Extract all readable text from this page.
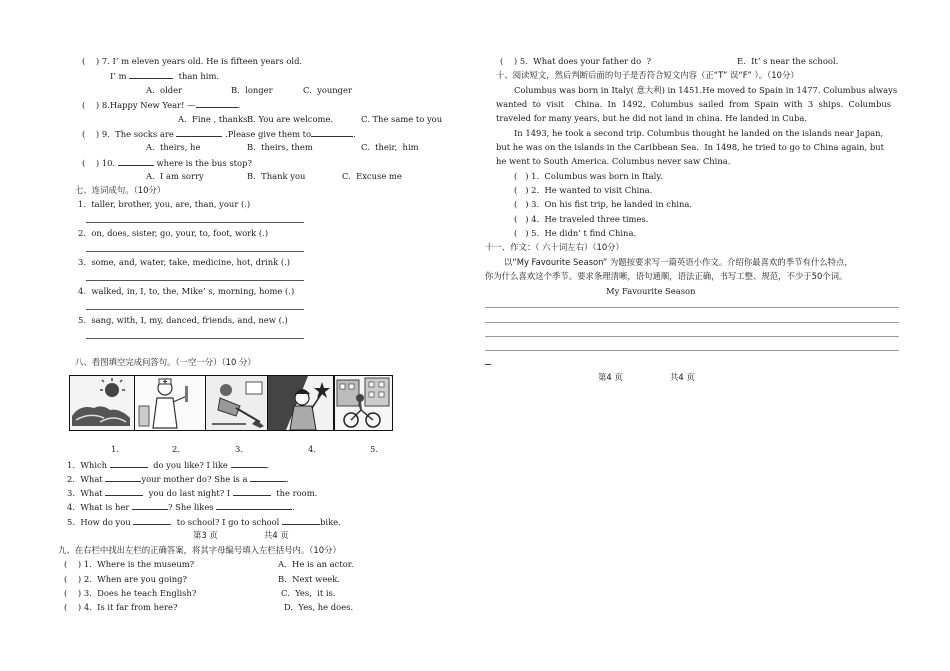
(    ) 7. I’ m eleven years old. He is fifteen years old.
I’ m	than him.
A.  older	B.  longer	C.  younger
(    ) 8.Happy New Year! —	.
A.  Fine , thanks.
B. You are welcome.	C. The same to you
(    ) 9.  The socks are	.Please give them to	.
A.  theirs, he	B.  theirs, them	C.  their,  him
(    ) 10.	where is the bus stop?
A.  I am sorry	B.  Thank you	C.  Excuse me
七、连词成句。（10分）
1.  taller, brother, you, are, than, your (.)
2.  on, does, sister, go, your, to, foot, work (.)
3.  some, and, water, take, medicine, hot, drink (.)
4.  walked, in, I, to, the, Mike’ s, morning, home (.)
5.  sang, with, I, my, danced, friends, and, new (.)
八、看图填空完成问答句。（一空一分）（10 分）
1.	2.	3.	4.	5.
1.  Which	do you like? I like	.
2.  What	your mother do? She is a	.
3.  What	you do last night? I	the room.
4.  What is her	? She likes	.
5.  How do you	to school? I go to school	bike.
第3 页	共4 页
九、在右栏中找出左栏的正确答案，将其字母编号填入左栏括号内。（10分）
(    ) 1.  Where is the museum?	A.  He is an actor.
(    ) 2.  When are you going?	B.  Next week.
(    ) 3.  Does he teach English?	C.  Yes,  it is.
(    ) 4.  Is it far from here?	D.  Yes, he does.
(    ) 5.  What does your father do  ?	E.  It’ s near the school.
十、阅读短文，然后判断后面的句子是否符合短文内容（正“T” 误“F” ）。（10分）
Columbus was born in Italy( 意大利) in 1451.He moved to Spain in 1477. Columbus always
wanted  to  visit    China.  In  1492,  Columbus  sailed  from  Spain  with  3  ships.  Columbus
traveled for many years, but he did not land in china. He landed in Cuba.
In 1493, he took a second trip. Columbus thought he landed on the islands near Japan,
but he was on the islands in the Caribbean Sea.  In 1498, he tried to go to China again, but
he went to South America. Columbus never saw China.
(   ) 1.  Columbus was born in Italy.
(   ) 2.  He wanted to visit China.
(   ) 3.  On his fist trip, he landed in china.
(   ) 4.  He traveled three times.
(   ) 5.  He didn’ t find China.
十一、作文：（ 六十词左右）（10分）
以“My Favourite Season” 为题按要求写一篇英语小作文。介绍你最喜欢的季节有什么特点，
你为什么喜欢这个季节。要求条理清晰，语句通顺，语法正确，书写工整、规范，不少于50个词。
My Favourite Season
第4 页	共4 页
